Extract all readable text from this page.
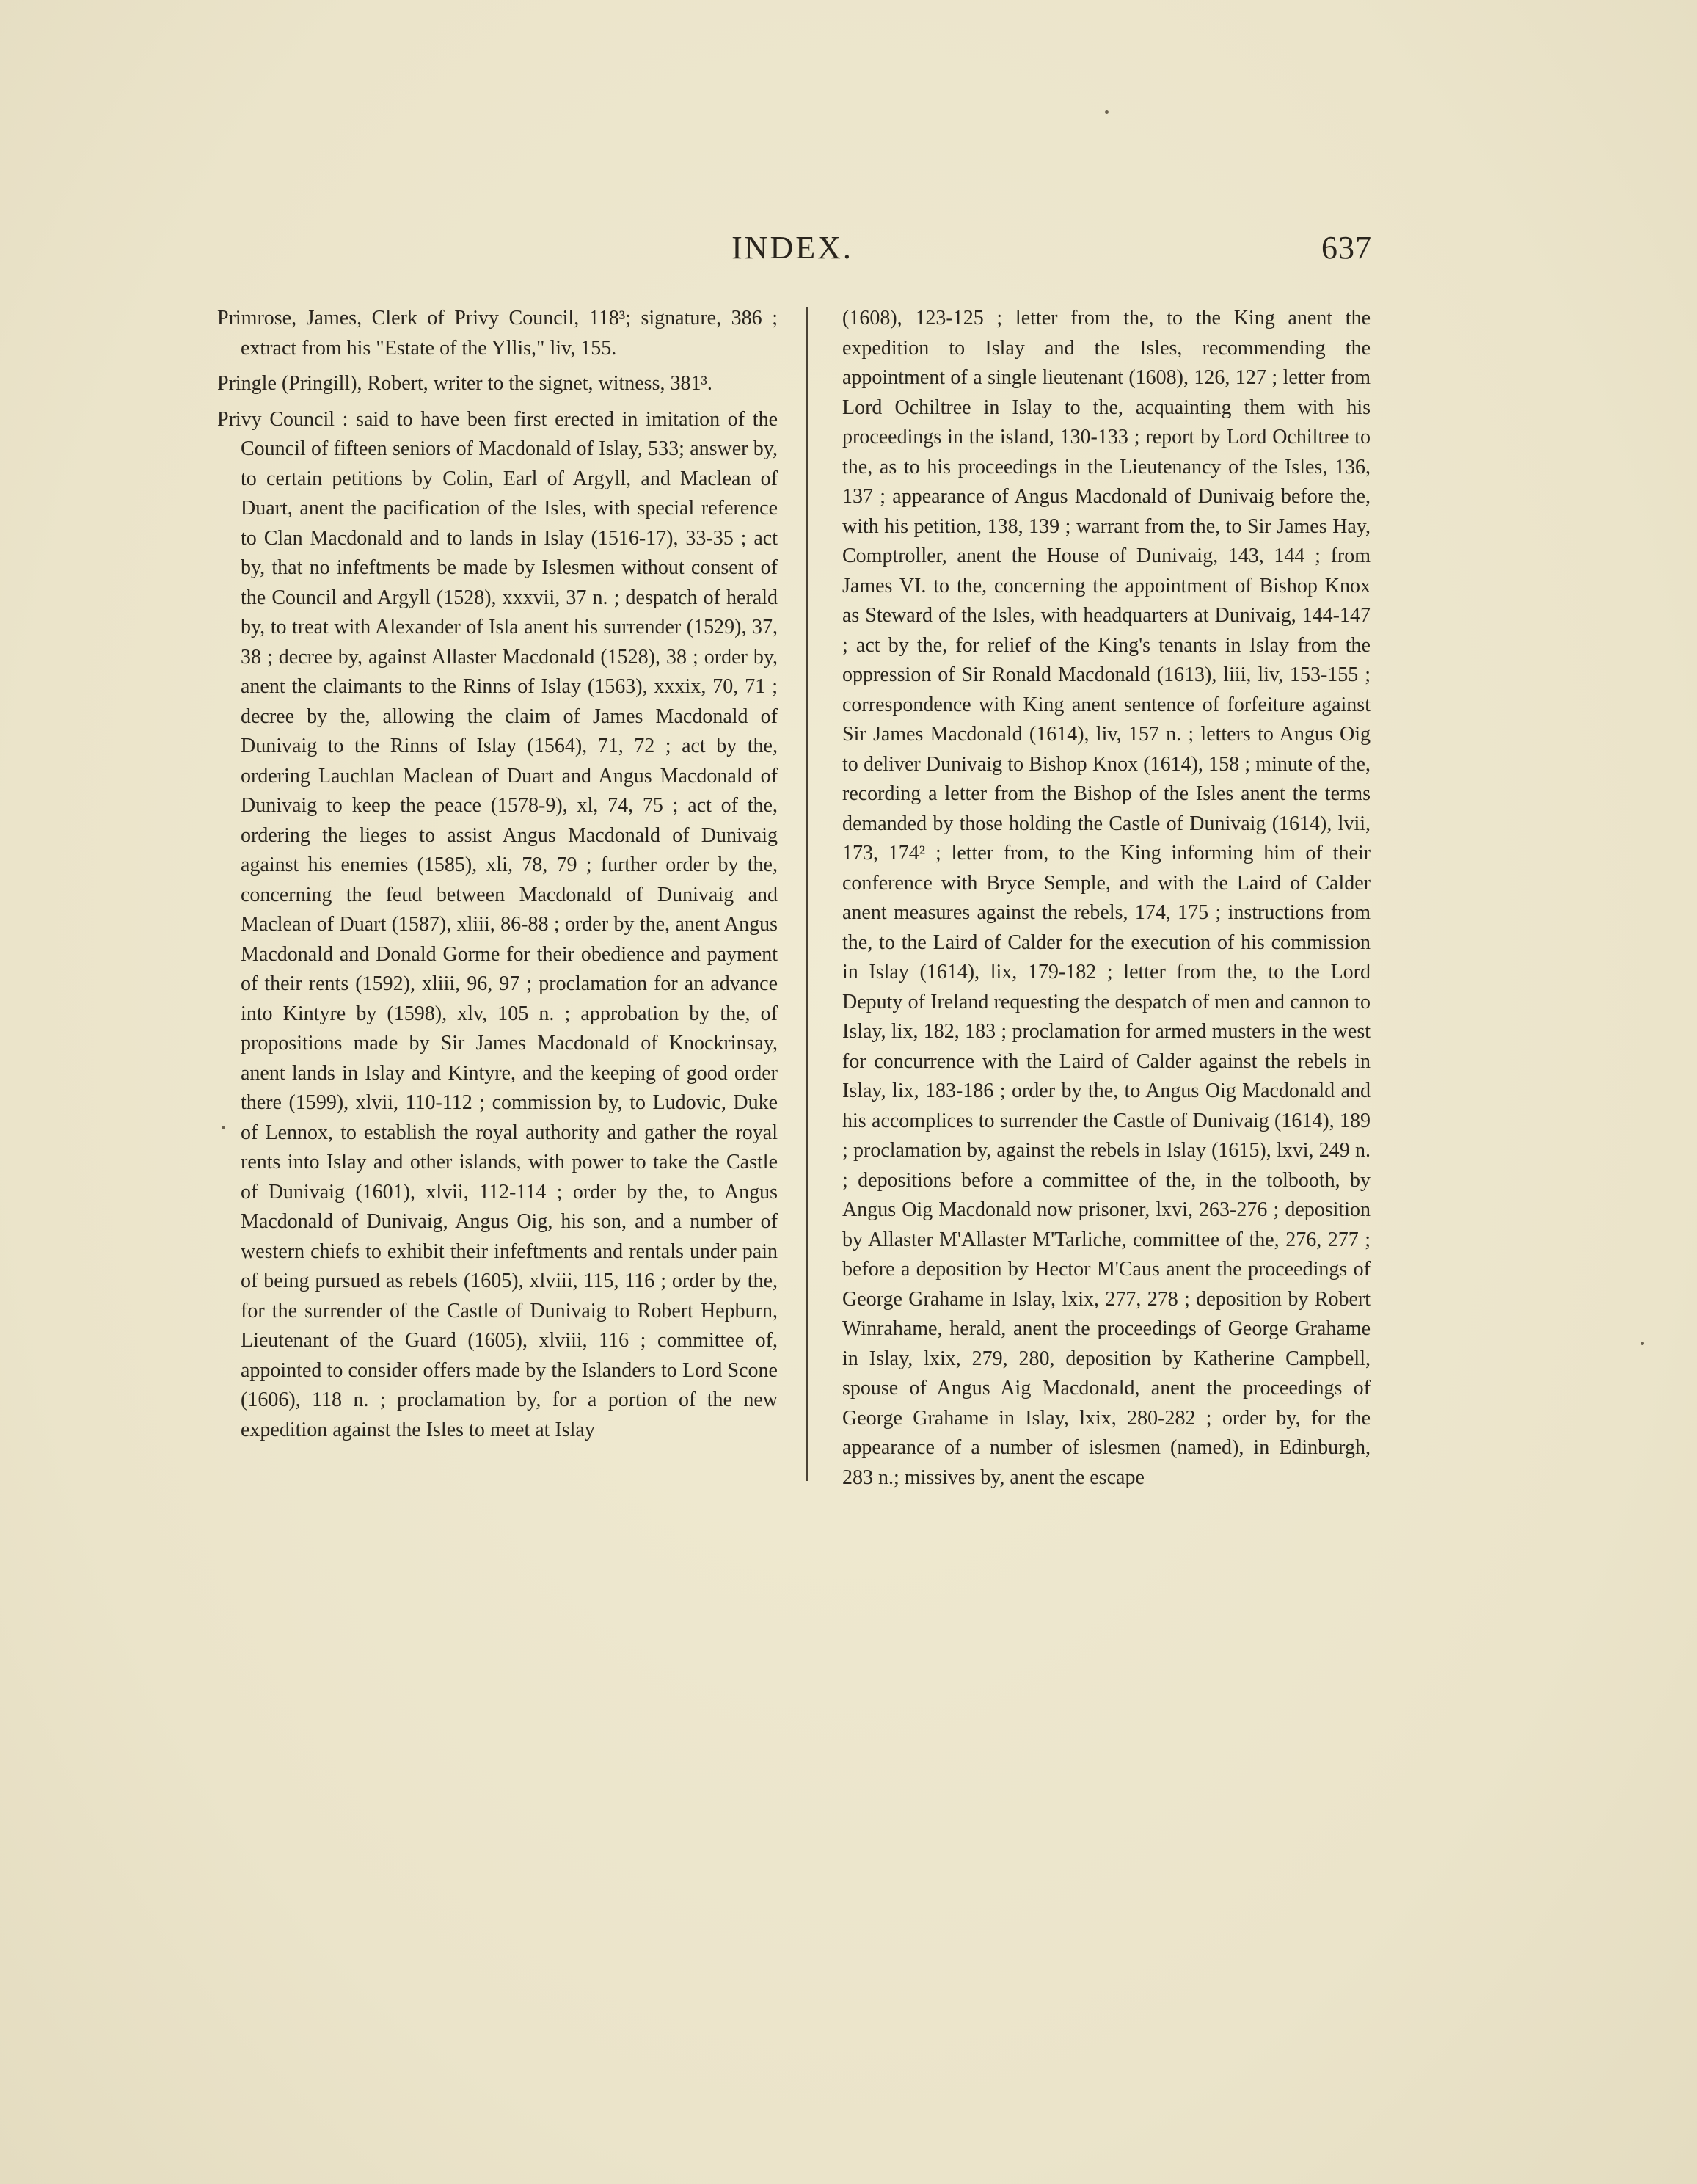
INDEX.	637

Primrose, James, Clerk of Privy Council, 118³; signature, 386 ; extract from his "Estate of the Yllis," liv, 155.

Pringle (Pringill), Robert, writer to the signet, witness, 381³.

Privy Council : said to have been first erected in imitation of the Council of fifteen seniors of Macdonald of Islay, 533; answer by, to certain petitions by Colin, Earl of Argyll, and Maclean of Duart, anent the pacification of the Isles, with special reference to Clan Macdonald and to lands in Islay (1516-17), 33-35 ; act by, that no infeftments be made by Islesmen without consent of the Council and Argyll (1528), xxxvii, 37 n. ; despatch of herald by, to treat with Alexander of Isla anent his surrender (1529), 37, 38 ; decree by, against Allaster Macdonald (1528), 38 ; order by, anent the claimants to the Rinns of Islay (1563), xxxix, 70, 71 ; decree by the, allowing the claim of James Macdonald of Dunivaig to the Rinns of Islay (1564), 71, 72 ; act by the, ordering Lauchlan Maclean of Duart and Angus Macdonald of Dunivaig to keep the peace (1578-9), xl, 74, 75 ; act of the, ordering the lieges to assist Angus Macdonald of Dunivaig against his enemies (1585), xli, 78, 79 ; further order by the, concerning the feud between Macdonald of Dunivaig and Maclean of Duart (1587), xliii, 86-88 ; order by the, anent Angus Macdonald and Donald Gorme for their obedience and payment of their rents (1592), xliii, 96, 97 ; proclamation for an advance into Kintyre by (1598), xlv, 105 n. ; approbation by the, of propositions made by Sir James Macdonald of Knockrinsay, anent lands in Islay and Kintyre, and the keeping of good order there (1599), xlvii, 110-112 ; commission by, to Ludovic, Duke of Lennox, to establish the royal authority and gather the royal rents into Islay and other islands, with power to take the Castle of Dunivaig (1601), xlvii, 112-114 ; order by the, to Angus Macdonald of Dunivaig, Angus Oig, his son, and a number of western chiefs to exhibit their infeftments and rentals under pain of being pursued as rebels (1605), xlviii, 115, 116 ; order by the, for the surrender of the Castle of Dunivaig to Robert Hepburn, Lieutenant of the Guard (1605), xlviii, 116 ; committee of, appointed to consider offers made by the Islanders to Lord Scone (1606), 118 n. ; proclamation by, for a portion of the new expedition against the Isles to meet at Islay

(1608), 123-125 ; letter from the, to the King anent the expedition to Islay and the Isles, recommending the appointment of a single lieutenant (1608), 126, 127 ; letter from Lord Ochiltree in Islay to the, acquainting them with his proceedings in the island, 130-133 ; report by Lord Ochiltree to the, as to his proceedings in the Lieutenancy of the Isles, 136, 137 ; appearance of Angus Macdonald of Dunivaig before the, with his petition, 138, 139 ; warrant from the, to Sir James Hay, Comptroller, anent the House of Dunivaig, 143, 144 ; from James VI. to the, concerning the appointment of Bishop Knox as Steward of the Isles, with headquarters at Dunivaig, 144-147 ; act by the, for relief of the King's tenants in Islay from the oppression of Sir Ronald Macdonald (1613), liii, liv, 153-155 ; correspondence with King anent sentence of forfeiture against Sir James Macdonald (1614), liv, 157 n. ; letters to Angus Oig to deliver Dunivaig to Bishop Knox (1614), 158 ; minute of the, recording a letter from the Bishop of the Isles anent the terms demanded by those holding the Castle of Dunivaig (1614), lvii, 173, 174² ; letter from, to the King informing him of their conference with Bryce Semple, and with the Laird of Calder anent measures against the rebels, 174, 175 ; instructions from the, to the Laird of Calder for the execution of his commission in Islay (1614), lix, 179-182 ; letter from the, to the Lord Deputy of Ireland requesting the despatch of men and cannon to Islay, lix, 182, 183 ; proclamation for armed musters in the west for concurrence with the Laird of Calder against the rebels in Islay, lix, 183-186 ; order by the, to Angus Oig Macdonald and his accomplices to surrender the Castle of Dunivaig (1614), 189 ; proclamation by, against the rebels in Islay (1615), lxvi, 249 n. ; depositions before a committee of the, in the tolbooth, by Angus Oig Macdonald now prisoner, lxvi, 263-276 ; deposition by Allaster M'Allaster M'Tarliche, committee of the, 276, 277 ; before a deposition by Hector M'Caus anent the proceedings of George Grahame in Islay, lxix, 277, 278 ; deposition by Robert Winrahame, herald, anent the proceedings of George Grahame in Islay, lxix, 279, 280, deposition by Katherine Campbell, spouse of Angus Aig Macdonald, anent the proceedings of George Grahame in Islay, lxix, 280-282 ; order by, for the appearance of a number of islesmen (named), in Edinburgh, 283 n.; missives by, anent the escape
